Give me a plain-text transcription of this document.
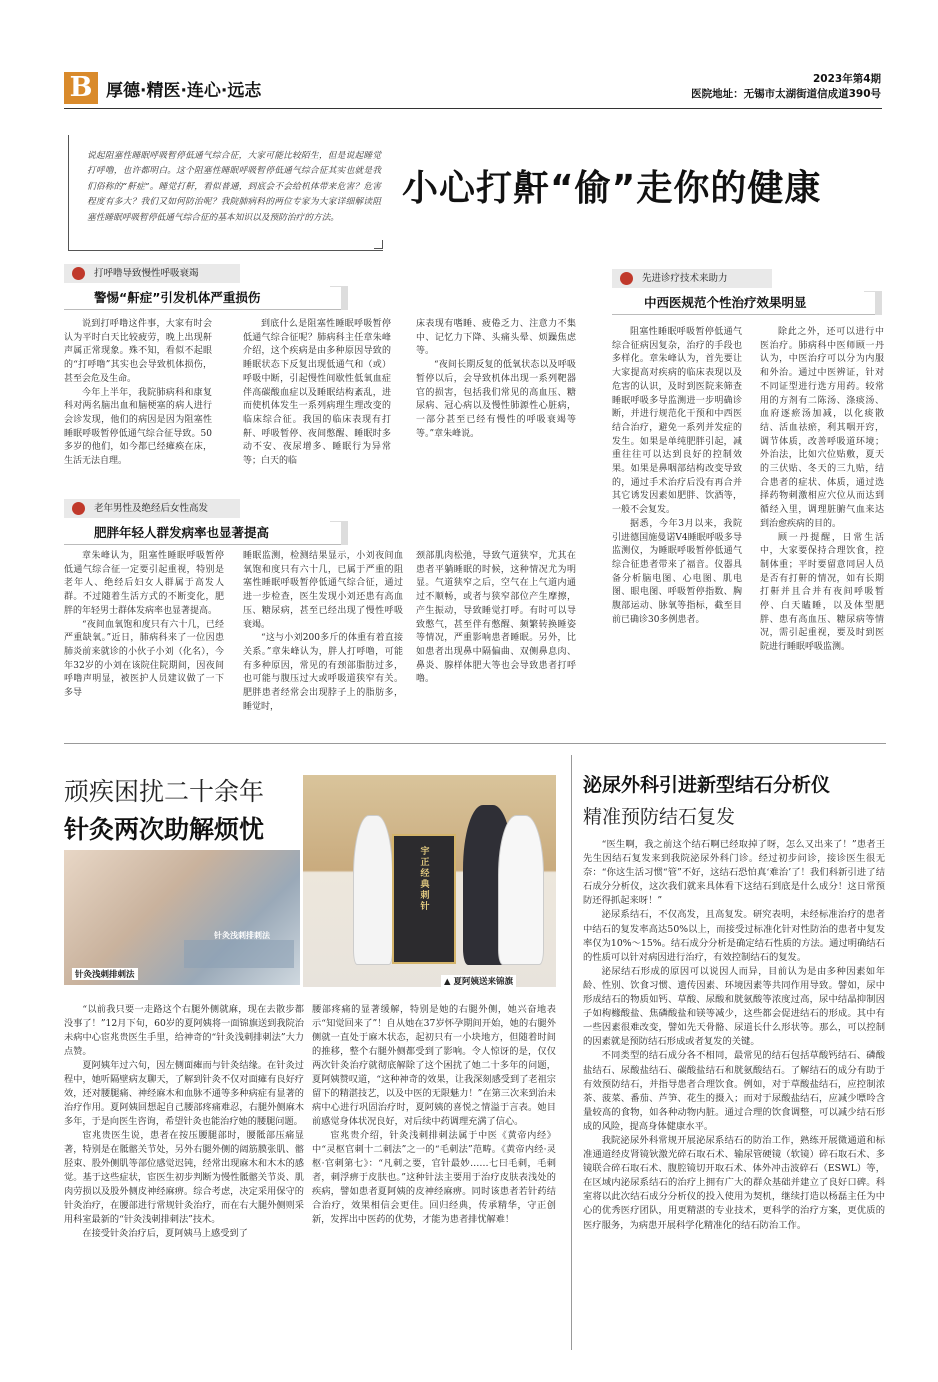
B 厚德·精医·连心·远志
2023年第4期
医院地址：无锡市太湖街道信成道390号
说起阻塞性睡眠呼吸暂停低通气综合征，大家可能比较陌生，但是说起睡觉打呼噜，也许都明白。这个阻塞性睡眠呼吸暂停低通气综合征其实也就是我们俗称的“鼾症”。睡觉打鼾，看似普通，到底会不会给机体带来危害？危害程度有多大？我们又如何防治呢？我院肺病科的两位专家为大家详细解读阻塞性睡眠呼吸暂停低通气综合征的基本知识以及预防治疗的方法。
小心打鼾“偷”走你的健康
打呼噜导致慢性呼吸衰竭
警惕“鼾症”引发机体严重损伤

说到打呼噜这件事，大家有时会认为平时白天比较疲劳，晚上出现鼾声属正常现象。殊不知，看似不起眼的“打呼噜”其实也会导致机体损伤，甚至会危及生命。

今年上半年，我院肺病科和康复科对两名脑出血和脑梗塞的病人进行会诊发现，他们的病因是因为阻塞性睡眠呼吸暂停低通气综合征导致。50多岁的他们，如今都已经瘫痪在床，生活无法自理。

到底什么是阻塞性睡眠呼吸暂停低通气综合征呢？肺病科主任章朱峰介绍，这个疾病是由多种原因导致的睡眠状态下反复出现低通气和（或）呼吸中断，引起慢性间歇性低氧血症伴高碳酸血症以及睡眠结构紊乱，进而使机体发生一系列病理生理改变的临床综合征。我国的临床表现有打鼾、呼吸暂停、夜间憋醒、睡眠时多动不安、夜尿增多、睡眠行为异常等；白天的临

床表现有嗜睡、疲倦乏力、注意力不集中、记忆力下降、头痛头晕、烦躁焦虑等。

“夜间长期反复的低氧状态以及呼吸暂停以后，会导致机体出现一系列靶器官的损害，包括我们常见的高血压、糖尿病、冠心病以及慢性肺源性心脏病，一部分甚至已经有慢性的呼吸衰竭等等。”章朱峰说。

老年男性及绝经后女性高发
肥胖年轻人群发病率也显著提高

章朱峰认为，阻塞性睡眠呼吸暂停低通气综合征一定要引起重视，特别是老年人、绝经后妇女人群属于高发人群。不过随着生活方式的不断变化，肥胖的年轻男士群体发病率也显著提高。

“夜间血氧饱和度只有六十几，已经严重缺氧。”近日，肺病科来了一位因患肺炎前来就诊的小伙子小刘（化名），今年32岁的小刘在该院住院期间，因夜间呼噜声明显，被医护人员建议做了一下多导

睡眠监测，检测结果显示，小刘夜间血氧饱和度只有六十几，已属于严重的阻塞性睡眠呼吸暂停低通气综合征，通过进一步检查，医生发现小刘还患有高血压、糖尿病，甚至已经出现了慢性呼吸衰竭。

“这与小刘200多斤的体重有着直接关系。”章朱峰认为，胖人打呼噜，可能有多种原因，常见的有颈部脂肪过多，也可能与腹压过大或呼吸道狭窄有关。肥胖患者经常会出现脖子上的脂肪多，睡觉时，

颈部肌肉松弛，导致气道狭窄，尤其在患者平躺睡眠的时候，这种情况尤为明显。气道狭窄之后，空气在上气道内通过不顺畅，或者与狭窄部位产生摩擦，产生振动，导致睡觉打呼。有时可以导致憋气，甚至伴有憋醒、频繁转换睡姿等情况，严重影响患者睡眠。另外，比如患者出现鼻中隔偏曲、双侧鼻息肉、鼻炎、腺样体肥大等也会导致患者打呼噜。

先进诊疗技术来助力
中西医规范个性治疗效果明显

阻塞性睡眠呼吸暂停低通气综合征病因复杂，治疗的手段也多样化。章朱峰认为，首先要让大家提高对疾病的临床表现以及危害的认识，及时到医院来筛查睡眠呼吸多导监测进一步明确诊断，并进行规范化干预和中西医结合治疗，避免一系列并发症的发生。如果是单纯肥胖引起，减重往往可以达到良好的控制效果。如果是鼻咽部结构改变导致的，通过手术治疗后没有再合并其它诱发因素如肥胖、饮酒等，一般不会复发。

据悉，今年3月以来，我院引进德国施曼诺V4睡眠呼吸多导监测仪，为睡眠呼吸暂停低通气综合征患者带来了福音。仪器具备分析脑电图、心电图、肌电图、眼电图、呼吸暂停指数、胸腹部运动、脉氧等指标，截至目前已确诊30多例患者。

除此之外，还可以进行中医治疗。肺病科中医师顾一丹认为，中医治疗可以分为内服和外治。通过中医辨证，针对不同证型进行选方用药。较常用的方剂有二陈汤、涤痰汤、血府逐瘀汤加减，以化痰散结、活血祛瘀，利其咽开窍，调节体质，改善呼吸道环境；外治法，比如穴位贴敷，夏天的三伏贴、冬天的三九贴，结合患者的症状、体质，通过选择药物刺激相应穴位从而达到循经入里，调理脏腑气血来达到治愈疾病的目的。

顾一丹提醒，日常生活中，大家要保持合理饮食，控制体重；平时要留意同居人员是否有打鼾的情况，如有长期打鼾并且合并有夜间呼吸暂停、白天瞌睡，以及体型肥胖、患有高血压、糖尿病等情况，需引起重视，要及时到医院进行睡眠呼吸监测。

顽疾困扰二十余年
针灸两次助解烦忧
针灸浅刺排刺法
针灸浅刺排刺法
宇正经典刺针
▲ 夏阿姨送来锦旗

“以前我只要一走路这个右腿外侧就麻，现在去散步都没事了！”12月下旬，60岁的夏阿姨将一面锦旗送到我院治未病中心宦兆贵医生手里，给神奇的“针灸浅刺排刺法”大力点赞。

夏阿姨年过六旬，因左侧面瘫而与针灸结缘。在针灸过程中，她听隔壁病友聊天，了解到针灸不仅对面瘫有良好疗效，还对腰腿痛、神经麻木和血脉不通等多种病症有显著的治疗作用。夏阿姨回想起自己腰部疼痛难忍，右腿外侧麻木多年，于是向医生咨询，希望针灸也能治疗她的腰腿问题。

宦兆贵医生说，患者在按压腰腿部时，腰骶部压痛显著，特别是在骶髂关节处，另外右腿外侧的阔筋膜张肌、髂胫束、股外侧肌等部位感觉迟钝，经常出现麻木和木木的感觉。基于这些症状，宦医生初步判断为慢性骶髂关节炎、肌肉劳损以及股外侧皮神经麻痹。综合考虑，决定采用保守的针灸治疗，在腰部进行常规针灸治疗，而在右大腿外侧则采用科室最新的“针灸浅刺排刺法”技术。

在接受针灸治疗后，夏阿姨马上感受到了

腰部疼痛的显著缓解，特别是她的右腿外侧，她兴奋地表示“知觉回来了”！自从她在37岁怀孕期间开始，她的右腿外侧就一直处于麻木状态，起初只有一小块地方，但随着时间的推移，整个右腿外侧都受到了影响。令人惊讶的是，仅仅两次针灸治疗就彻底解除了这个困扰了她二十多年的问题，夏阿姨赞叹道，“这种神奇的效果，让我深刻感受到了老祖宗留下的精湛技艺，以及中医的无限魅力！”在第三次来到治未病中心进行巩固治疗时，夏阿姨的喜悦之情溢于言表。她目前感觉身体状况良好，对后续中药调理充满了信心。

宦兆贵介绍，针灸浅刺排刺法属于中医《黄帝内经》中“灵枢官刺十二刺法”之一的“毛刺法”范畴。《黄帝内经·灵枢·官刺第七》：“凡刺之要，官针最妙……七曰毛刺，毛刺者，刺浮痹于皮肤也。”这种针法主要用于治疗皮肤表浅处的疾病，譬如患者夏阿姨的皮神经麻痹。同时该患者若针药结合治疗，效果相信会更佳。回归经典，传承精华，守正创新，发挥出中医药的优势，才能为患者排忧解难！

泌尿外科引进新型结石分析仪
精准预防结石复发

“医生啊，我之前这个结石啊已经取掉了呀，怎么又出来了！”患者王先生因结石复发来到我院泌尿外科门诊。经过初步问诊，接诊医生很无奈：“你这生活习惯“管”不好，这结石恐怕真‘难治’了！我们科新引进了结石成分分析仪，这次我们就来具体看下这结石到底是什么成分！这日常预防还得抓起来呀！”

泌尿系结石，不仅高发，且高复发。研究表明，未经标准治疗的患者中结石的复发率高达50%以上，而接受过标准化针对性防治的患者中复发率仅为10%～15%。结石成分分析是确定结石性质的方法。通过明确结石的性质可以针对病因进行治疗，有效控制结石的复发。

泌尿结石形成的原因可以说因人而异，目前认为是由多种因素如年龄、性别、饮食习惯、遗传因素、环境因素等共同作用导致。譬如，尿中形成结石的物质如钙、草酸、尿酸和胱氨酸等浓度过高，尿中结晶抑制因子如枸橼酸盐、焦磷酸盐和镁等减少，这些都会促进结石的形成。其中有一些因素很难改变，譬如先天骨骼、尿道长什么形状等。那么，可以控制的因素就是预防结石形成或者复发的关键。

不同类型的结石成分各不相同，最常见的结石包括草酸钙结石、磷酸盐结石、尿酸盐结石、碳酸盐结石和胱氨酸结石。了解结石的成分有助于有效预防结石，并指导患者合理饮食。例如，对于草酸盐结石，应控制浓茶、菠菜、番茄、芦笋、花生的摄入；而对于尿酸盐结石，应减少嘌呤含量较高的食物，如各种动物内脏。通过合理的饮食调整，可以减少结石形成的风险，提高身体健康水平。

我院泌尿外科常规开展泌尿系结石的防治工作，熟练开展微通道和标准通道经皮肾镜钬激光碎石取石术、输尿管硬镜（软镜）碎石取石术、多镜联合碎石取石术、腹腔镜切开取石术、体外冲击波碎石（ESWL）等，在区域内泌尿系结石的治疗上拥有广大的群众基础并建立了良好口碑。科室将以此次结石成分分析仪的投入使用为契机，继续打造以杨磊主任为中心的优秀医疗团队，用更精湛的专业技术，更科学的治疗方案，更优质的医疗服务，为病患开展科学化精准化的结石防治工作。
